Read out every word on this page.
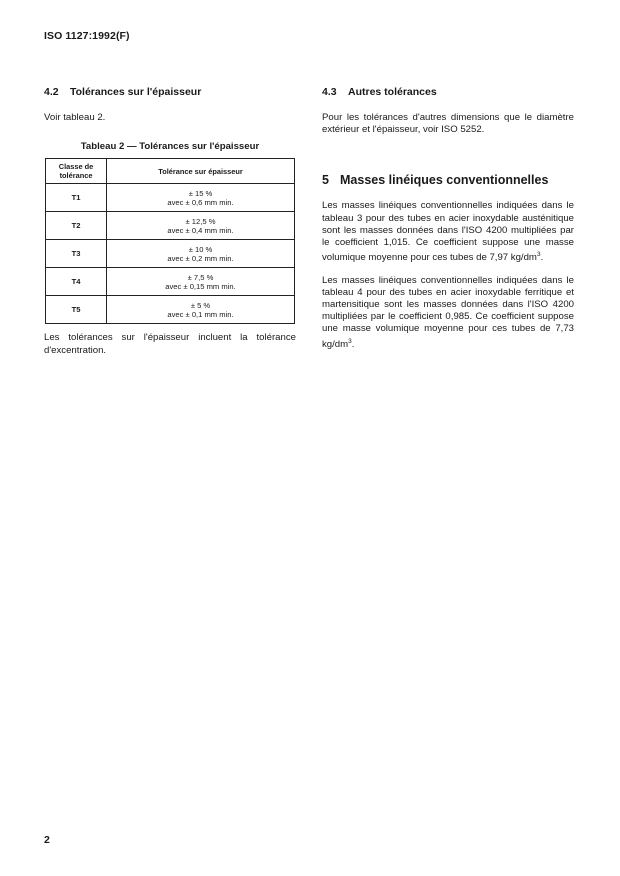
ISO 1127:1992(F)
4.2 Tolérances sur l'épaisseur

Voir tableau 2.

Tableau 2 — Tolérances sur l'épaisseur

Classe de
tolérance	Tolérance sur épaisseur
T1	± 15 %
avec ± 0,6 mm min.

T2	± 12,5 %
avec ± 0,4 mm min.

T3	± 10 %
avec ± 0,2 mm min.

T4	± 7,5 %
avec ± 0,15 mm min.

T5	± 5 %
avec ± 0,1 mm min.

Les tolérances sur l'épaisseur incluent la tolérance d'excentration.

4.3 Autres tolérances

Pour les tolérances d'autres dimensions que le diamètre extérieur et l'épaisseur, voir ISO 5252.

5 Masses linéiques conventionnelles

Les masses linéiques conventionnelles indiquées dans le tableau 3 pour des tubes en acier inoxydable austénitique sont les masses données dans l'ISO 4200 multipliées par le coefficient 1,015. Ce coefficient suppose une masse volumique moyenne pour ces tubes de 7,97 $kg/dm^3$.

Les masses linéiques conventionnelles indiquées dans le tableau 4 pour des tubes en acier inoxydable ferritique et martensitique sont les masses données dans l'ISO 4200 multipliées par le coefficient 0,985. Ce coefficient suppose une masse volumique moyenne pour ces tubes de 7,73 $kg/dm^3$.

2
